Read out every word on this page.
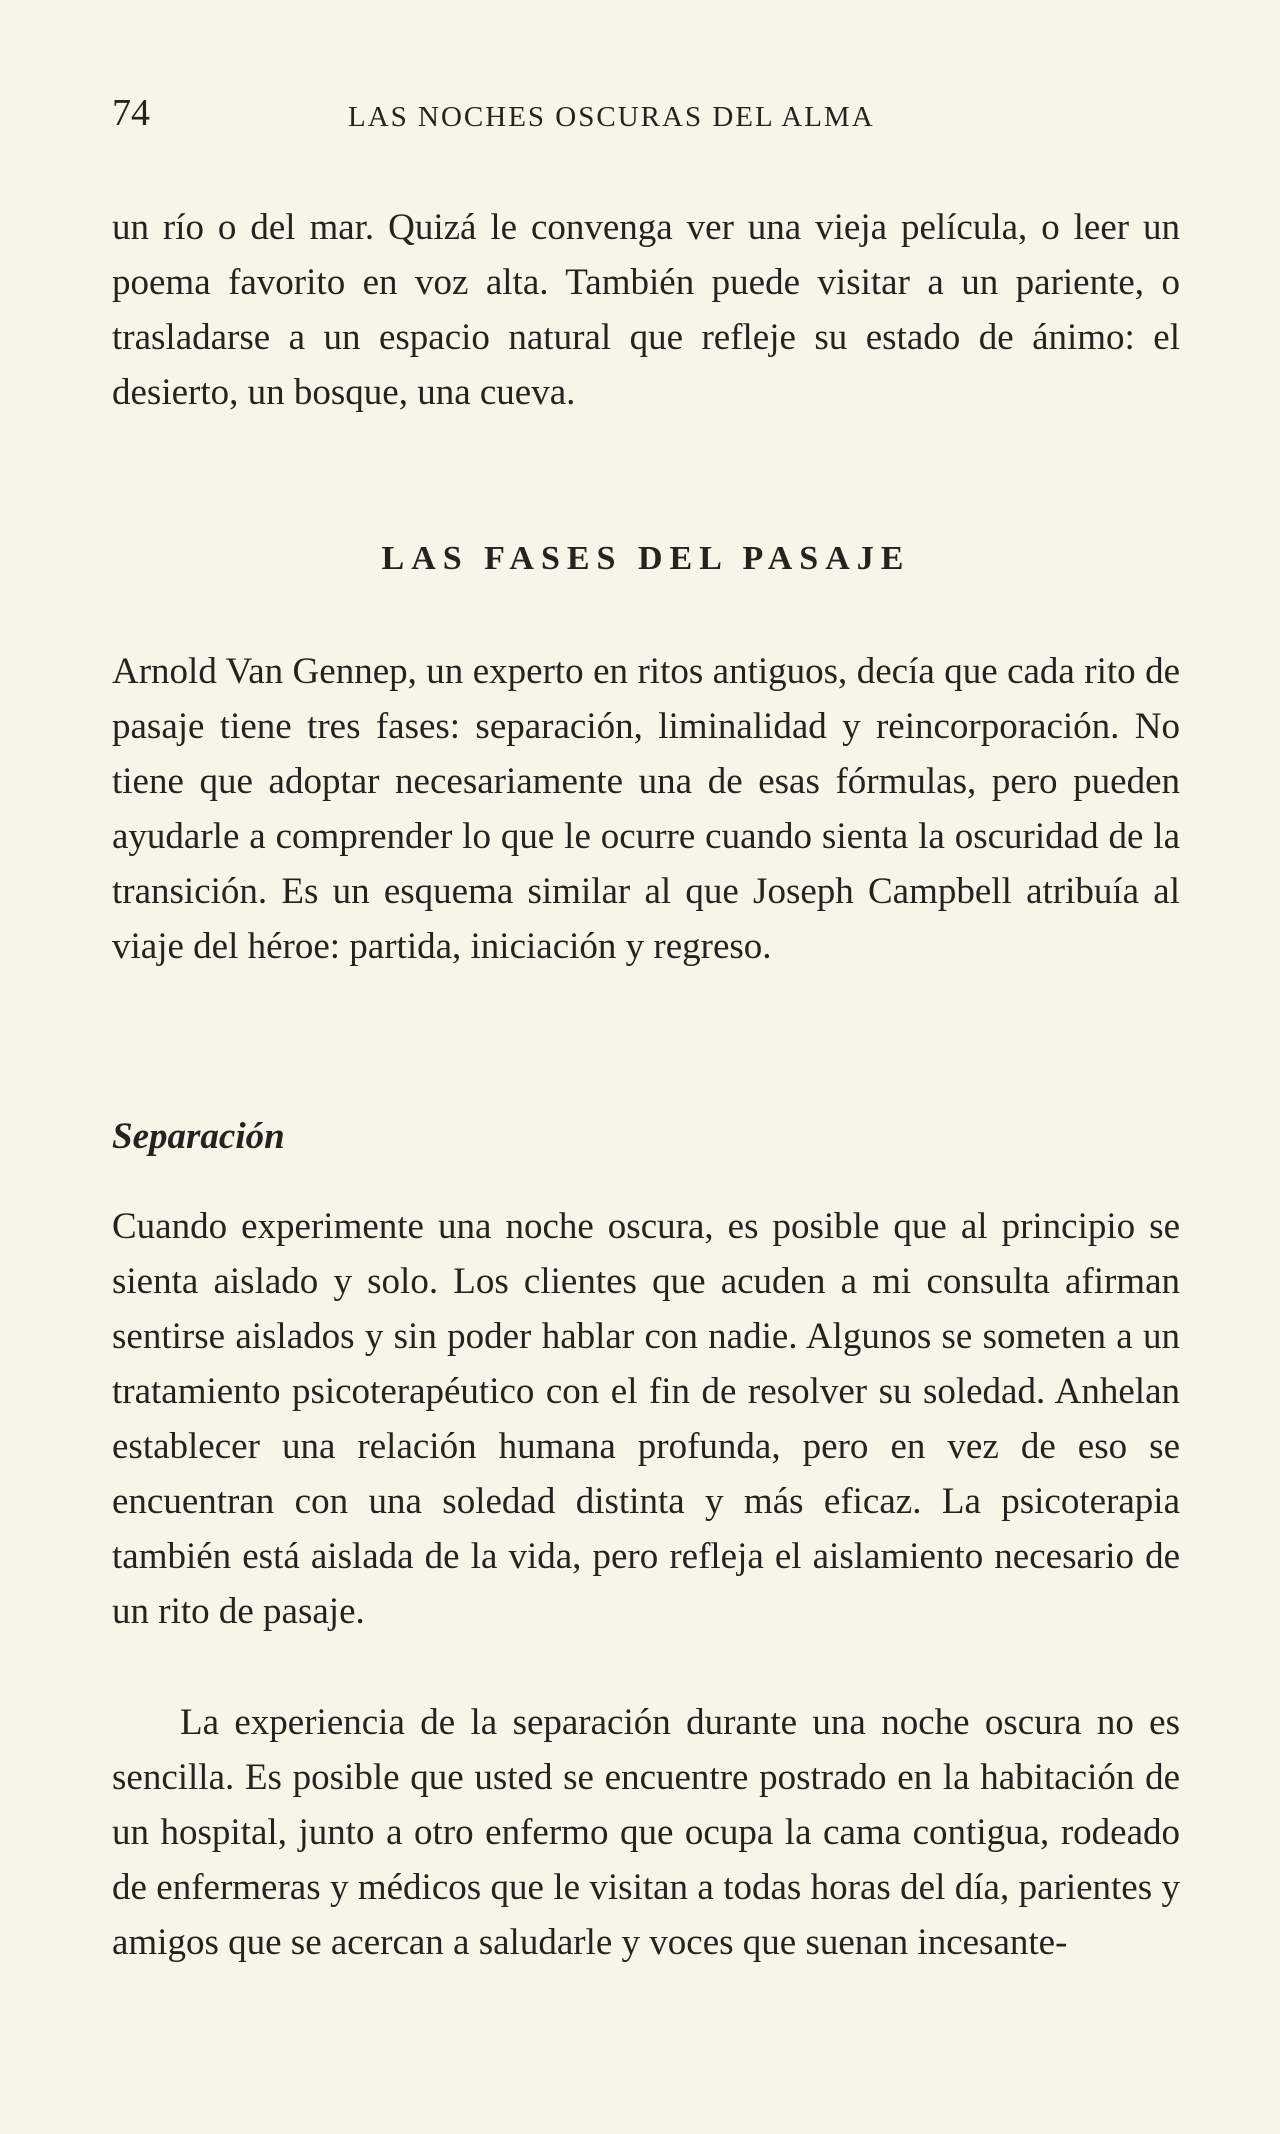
74	LAS NOCHES OSCURAS DEL ALMA

un río o del mar. Quizá le convenga ver una vieja película, o leer un poema favorito en voz alta. También puede visitar a un pariente, o trasladarse a un espacio natural que refleje su estado de ánimo: el desierto, un bosque, una cueva.

LAS FASES DEL PASAJE

Arnold Van Gennep, un experto en ritos antiguos, decía que cada rito de pasaje tiene tres fases: separación, liminalidad y reincorporación. No tiene que adoptar necesariamente una de esas fórmulas, pero pueden ayudarle a comprender lo que le ocurre cuando sienta la oscuridad de la transición. Es un esquema similar al que Joseph Campbell atribuía al viaje del héroe: partida, iniciación y regreso.

Separación

Cuando experimente una noche oscura, es posible que al principio se sienta aislado y solo. Los clientes que acuden a mi consulta afirman sentirse aislados y sin poder hablar con nadie. Algunos se someten a un tratamiento psicoterapéutico con el fin de resolver su soledad. Anhelan establecer una relación humana profunda, pero en vez de eso se encuentran con una soledad distinta y más eficaz. La psicoterapia también está aislada de la vida, pero refleja el aislamiento necesario de un rito de pasaje.

La experiencia de la separación durante una noche oscura no es sencilla. Es posible que usted se encuentre postrado en la habitación de un hospital, junto a otro enfermo que ocupa la cama contigua, rodeado de enfermeras y médicos que le visitan a todas horas del día, parientes y amigos que se acercan a saludarle y voces que suenan incesante-
